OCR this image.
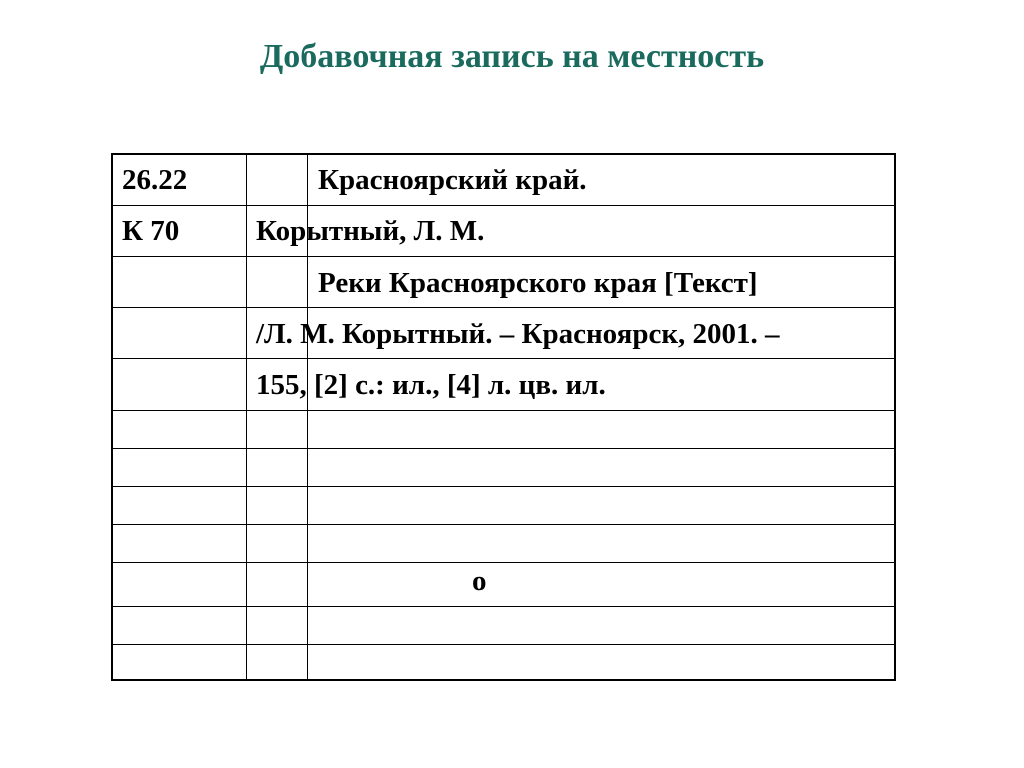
Добавочная запись на местность
26.22
К 70
Красноярский край.
Корытный, Л. М.
Реки Красноярского края [Текст]
/Л. М. Корытный. – Красноярск, 2001. –
155, [2] с.: ил., [4] л. цв. ил.
о
